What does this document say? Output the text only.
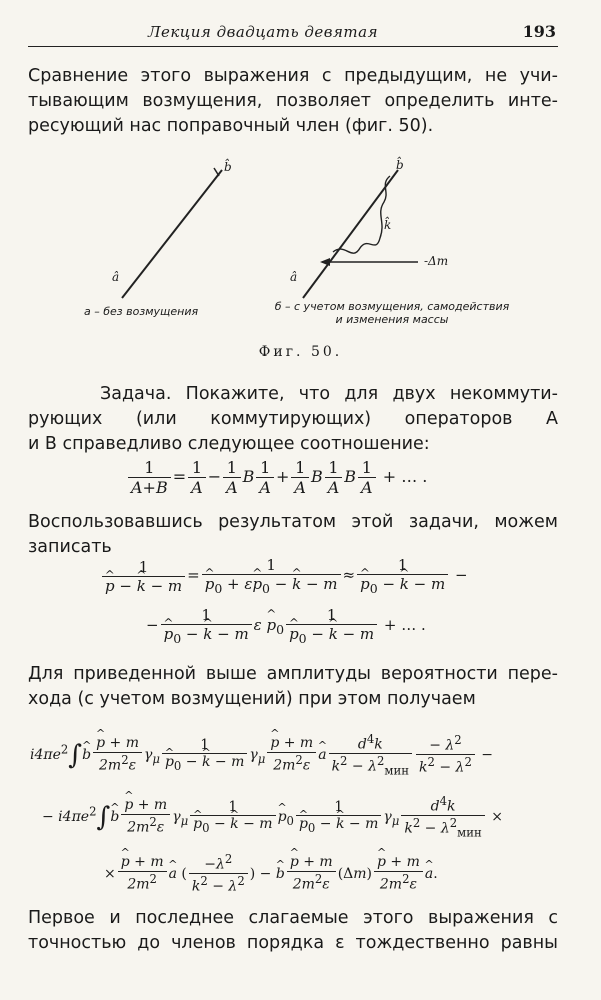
Лекция двадцать девятая	193
Сравнение этого выражения с предыдущим, не учи-
тывающим возмущения, позволяет определить инте-
ресующий нас поправочный член (фиг. 50).
â
b̂
â
b̂
k̂
-Δm
а – без возмущения	б – с учетом возмущения, самодействия
и изменения массы
Фиг. 50.
Задача. Покажите, что для двух некоммути-
рующих (или коммутирующих) операторов A
и B справедливо следующее соотношение:
$\frac{1}{A+B} = \frac{1}{A} - \frac{1}{A}$ B $\frac{1}{A} + \frac{1}{A}$ B $\frac{1}{A}$ B $\frac{1}{A}$ + … .
Воспользовавшись результатом этой задачи, можем
записать
1
^ p − ^ k − m = 1
^ $p_0$ + ε^ $p_0$ − ^ k − m ≈ 1
^ $p_0$ − ^ k − m −
− 1
^ $p_0$ − ^ k − m ε ^ $p_0$ 1
^ $p_0$ − ^ k − m + … .
Для приведенной выше амплитуды вероятности пере-
хода (с учетом возмущений) при этом получаем
$i4\pi e^2\int\^{}$ b ^ $\frac{p + m}{2m^2\varepsilon} \gamma_\mu$ 1
^ $p_0$ − ^ k − m $\gamma_\mu$ ^ $\frac{p + m}{2m^2\varepsilon}$ ^ a $\frac{d^4k}{k^2 - \lambda^2_{мин}} \frac{- \lambda^2}{k^2 - \lambda^2}$ −
− $i4\pi e^2\int\^{}$ b ^ $\frac{p + m}{2m^2\varepsilon} \gamma_\mu$ 1
^ $p_0$ − ^ k − m ^ $p_0$ 1
^ $p_0$ − ^ k − m $\gamma_\mu \frac{d^4k}{k^2 - \lambda^2_{мин}}$ ×
× ^ $\frac{p + m}{2m^2}$ ^ a ( $\frac{-\lambda^2}{k^2 - \lambda^2}$ ) − ^ b ^ $\frac{p + m}{2m^2\varepsilon} (\Delta m)$ ^ $\frac{p + m}{2m^2\varepsilon}$ ^ a.
Первое и последнее слагаемые этого выражения с
точностью до членов порядка ε тождественно равны
